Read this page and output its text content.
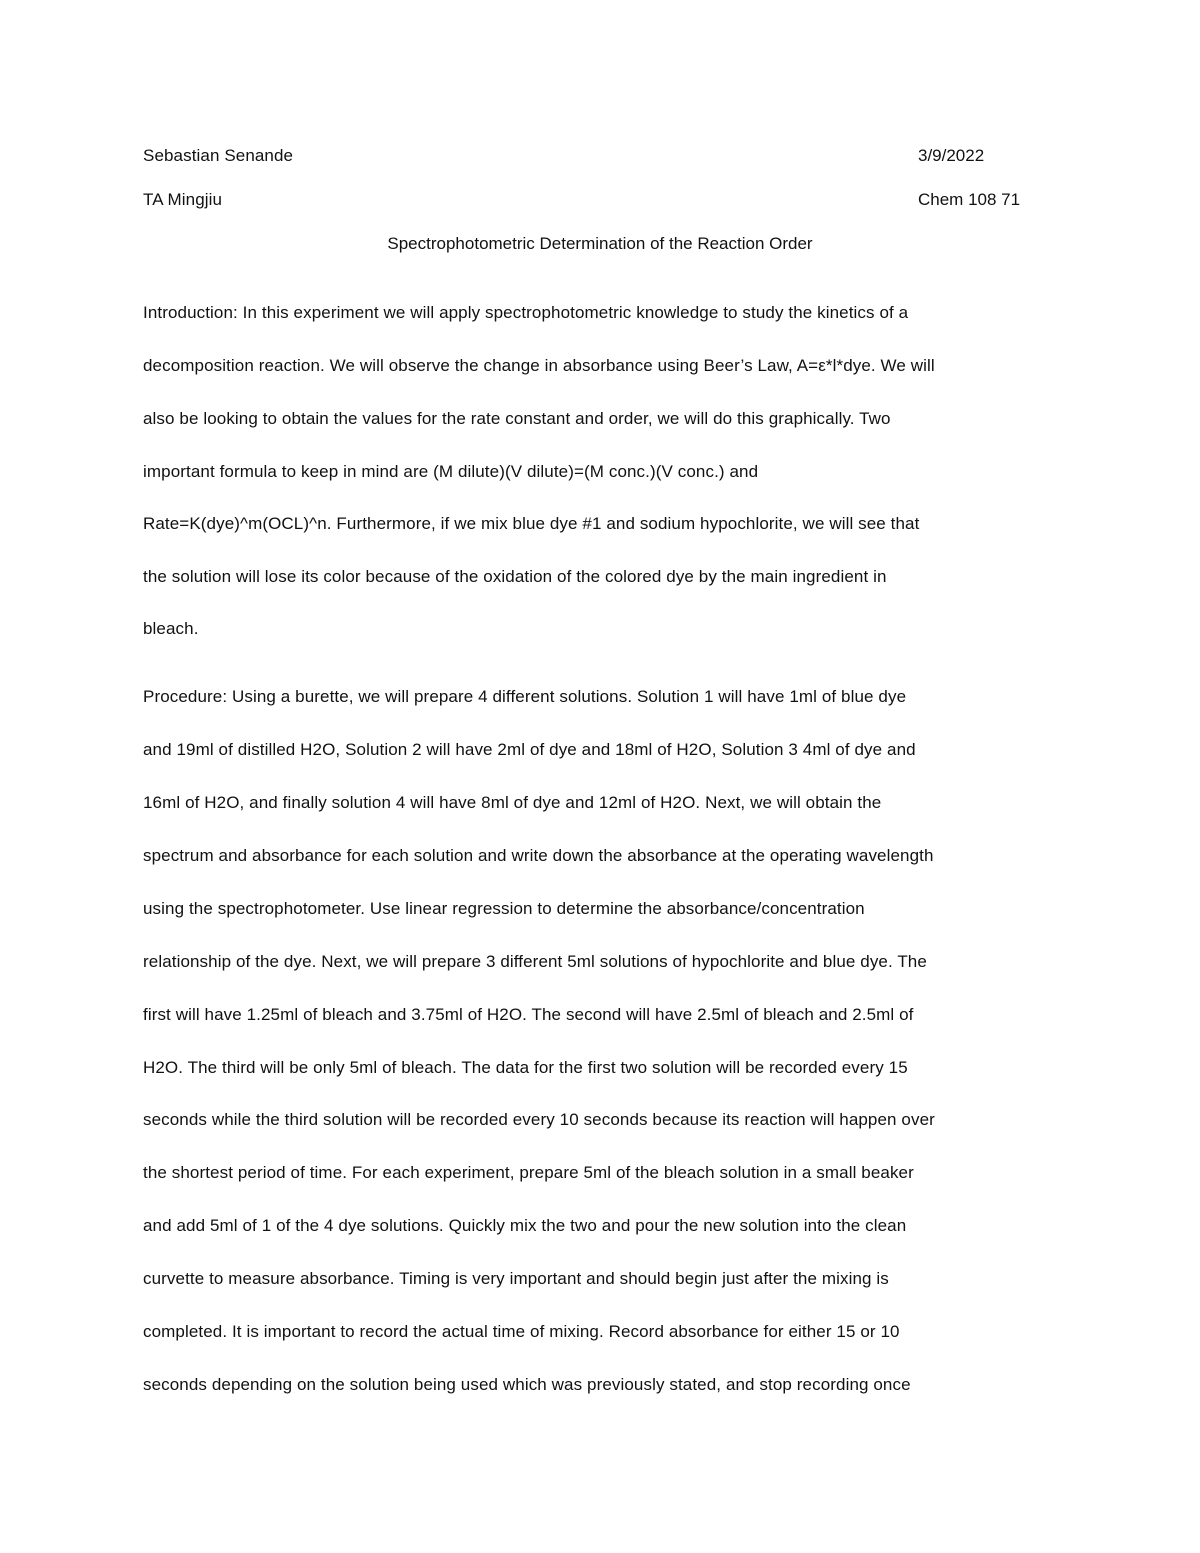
Sebastian Senande	3/9/2022
TA Mingjiu	Chem 108 71
Spectrophotometric Determination of the Reaction Order
Introduction: In this experiment we will apply spectrophotometric knowledge to study the kinetics of a
decomposition reaction. We will observe the change in absorbance using Beer’s Law, A=ε*l*dye. We will
also be looking to obtain the values for the rate constant and order, we will do this graphically. Two
important formula to keep in mind are (M dilute)(V dilute)=(M conc.)(V conc.) and
Rate=K(dye)^m(OCL)^n. Furthermore, if we mix blue dye #1 and sodium hypochlorite, we will see that
the solution will lose its color because of the oxidation of the colored dye by the main ingredient in
bleach.
Procedure: Using a burette, we will prepare 4 different solutions. Solution 1 will have 1ml of blue dye
and 19ml of distilled H2O, Solution 2 will have 2ml of dye and 18ml of H2O, Solution 3 4ml of dye and
16ml of H2O, and finally solution 4 will have 8ml of dye and 12ml of H2O. Next, we will obtain the
spectrum and absorbance for each solution and write down the absorbance at the operating wavelength
using the spectrophotometer. Use linear regression to determine the absorbance/concentration
relationship of the dye. Next, we will prepare 3 different 5ml solutions of hypochlorite and blue dye. The
first will have 1.25ml of bleach and 3.75ml of H2O. The second will have 2.5ml of bleach and 2.5ml of
H2O. The third will be only 5ml of bleach. The data for the first two solution will be recorded every 15
seconds while the third solution will be recorded every 10 seconds because its reaction will happen over
the shortest period of time. For each experiment, prepare 5ml of the bleach solution in a small beaker
and add 5ml of 1 of the 4 dye solutions. Quickly mix the two and pour the new solution into the clean
curvette to measure absorbance. Timing is very important and should begin just after the mixing is
completed. It is important to record the actual time of mixing. Record absorbance for either 15 or 10
seconds depending on the solution being used which was previously stated, and stop recording once
